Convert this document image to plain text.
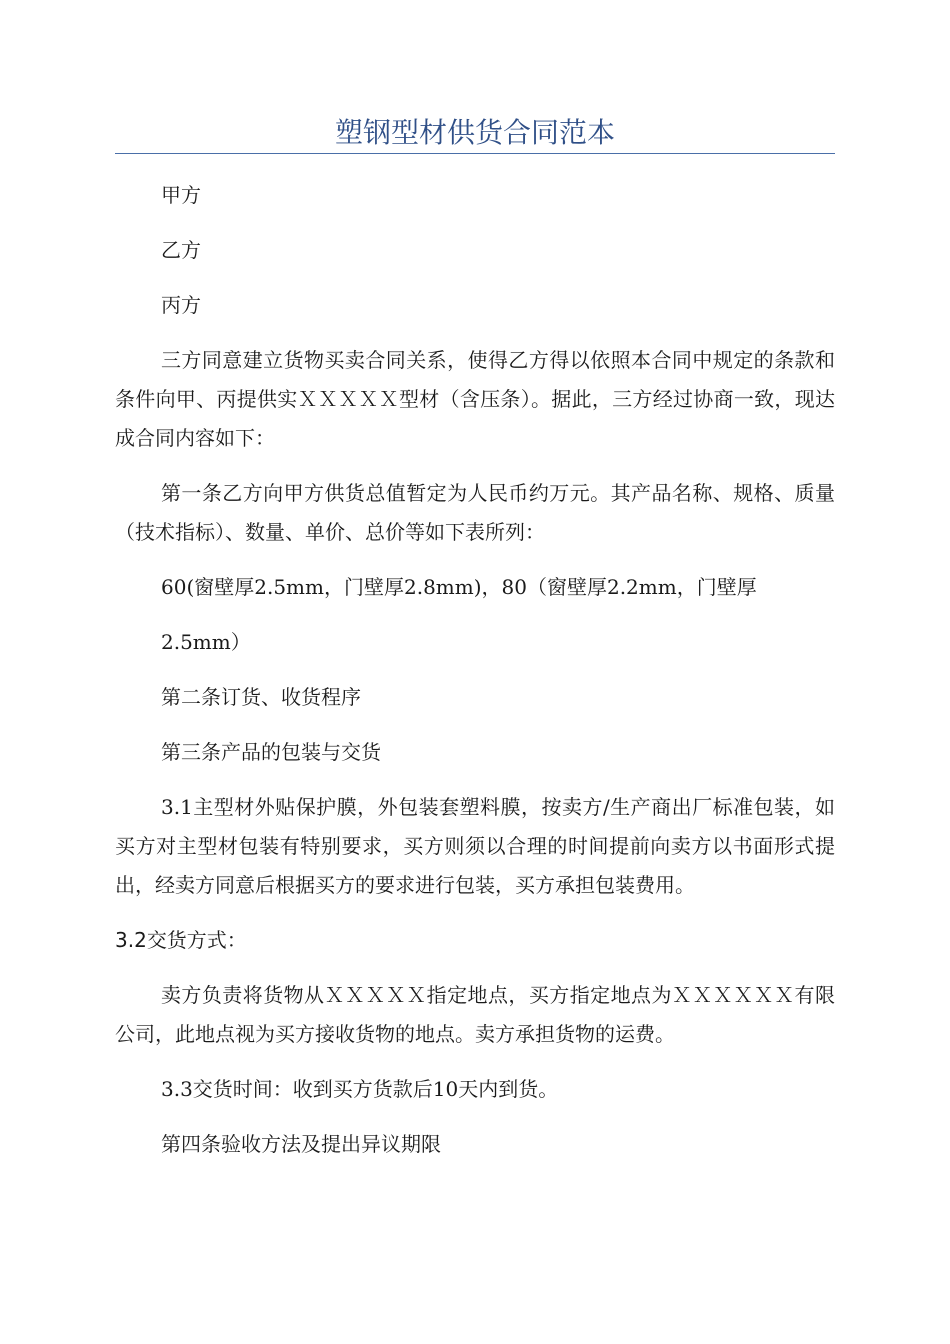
塑钢型材供货合同范本

甲方

乙方

丙方

三方同意建立货物买卖合同关系，使得乙方得以依照本合同中规定的条款和条件向甲、丙提供实ＸＸＸＸＸ型材（含压条）。据此，三方经过协商一致，现达成合同内容如下：

第一条乙方向甲方供货总值暂定为人民币约万元。其产品名称、规格、质量（技术指标）、数量、单价、总价等如下表所列：

60(窗壁厚2.5mm，门壁厚2.8mm)，80（窗壁厚2.2mm，门壁厚

2.5mm）

第二条订货、收货程序

第三条产品的包装与交货

3.1主型材外贴保护膜，外包装套塑料膜，按卖方/生产商出厂标准包装，如买方对主型材包装有特别要求，买方则须以合理的时间提前向卖方以书面形式提出，经卖方同意后根据买方的要求进行包装，买方承担包装费用。

3.2交货方式：

卖方负责将货物从ＸＸＸＸＸ指定地点，买方指定地点为ＸＸＸＸＸＸ有限公司，此地点视为买方接收货物的地点。卖方承担货物的运费。

3.3交货时间：收到买方货款后10天内到货。

第四条验收方法及提出异议期限
